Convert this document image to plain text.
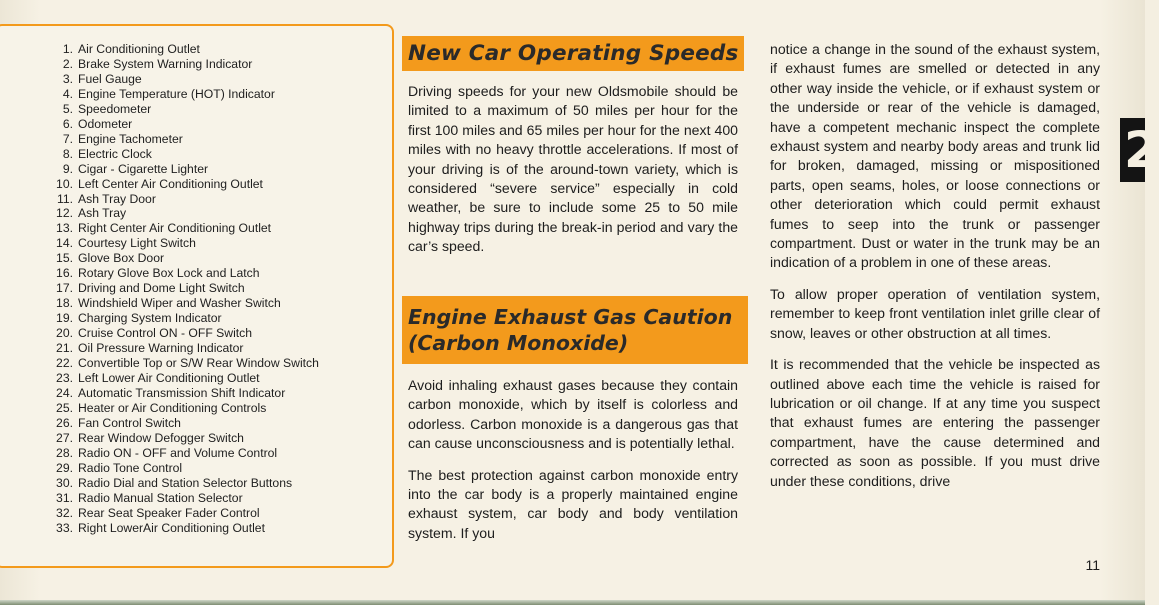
1. Air Conditioning Outlet
2. Brake System Warning Indicator
3. Fuel Gauge
4. Engine Temperature (HOT) Indicator
5. Speedometer
6. Odometer
7. Engine Tachometer
8. Electric Clock
9. Cigar - Cigarette Lighter
10. Left Center Air Conditioning Outlet
11. Ash Tray Door
12. Ash Tray
13. Right Center Air Conditioning Outlet
14. Courtesy Light Switch
15. Glove Box Door
16. Rotary Glove Box Lock and Latch
17. Driving and Dome Light Switch
18. Windshield Wiper and Washer Switch
19. Charging System Indicator
20. Cruise Control ON - OFF Switch
21. Oil Pressure Warning Indicator
22. Convertible Top or S/W Rear Window Switch
23. Left Lower Air Conditioning Outlet
24. Automatic Transmission Shift Indicator
25. Heater or Air Conditioning Controls
26. Fan Control Switch
27. Rear Window Defogger Switch
28. Radio ON - OFF and Volume Control
29. Radio Tone Control
30. Radio Dial and Station Selector Buttons
31. Radio Manual Station Selector
32. Rear Seat Speaker Fader Control
33. Right LowerAir Conditioning Outlet
New Car Operating Speeds

Driving speeds for your new Oldsmobile should be limited to a maximum of 50 miles per hour for the first 100 miles and 65 miles per hour for the next 400 miles with no heavy throttle accelerations. If most of your driving is of the around-town variety, which is considered “severe service” especially in cold weather, be sure to include some 25 to 50 mile highway trips during the break-in period and vary the car’s speed.

Engine Exhaust Gas Caution
(Carbon Monoxide)

Avoid inhaling exhaust gases because they contain carbon monoxide, which by itself is colorless and odorless. Carbon monoxide is a dangerous gas that can cause unconsciousness and is potentially lethal.

The best protection against carbon monoxide entry into the car body is a properly maintained engine exhaust system, car body and body ventilation system. If you

notice a change in the sound of the exhaust system, if exhaust fumes are smelled or detected in any other way inside the vehicle, or if exhaust system or the underside or rear of the vehicle is damaged, have a competent mechanic inspect the complete exhaust system and nearby body areas and trunk lid for broken, damaged, missing or mispositioned parts, open seams, holes, or loose connections or other deterioration which could permit exhaust fumes to seep into the trunk or passenger compartment. Dust or water in the trunk may be an indication of a problem in one of these areas.

To allow proper operation of ventilation system, remember to keep front ventilation inlet grille clear of snow, leaves or other obstruction at all times.

It is recommended that the vehicle be inspected as outlined above each time the vehicle is raised for lubrication or oil change. If at any time you suspect that exhaust fumes are entering the passenger compartment, have the cause determined and corrected as soon as possible. If you must drive under these conditions, drive

11
2
